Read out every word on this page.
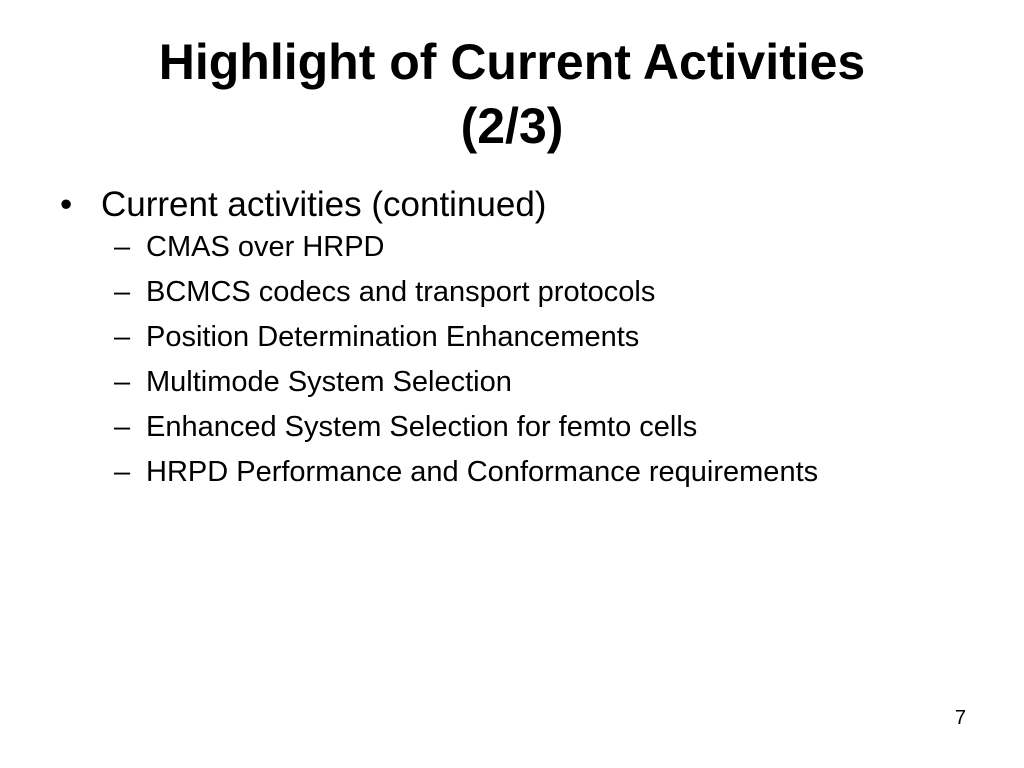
Highlight of Current Activities
(2/3)
• Current activities (continued)
– CMAS over HRPD
– BCMCS codecs and transport protocols
– Position Determination Enhancements
– Multimode System Selection
– Enhanced System Selection for femto cells
– HRPD Performance and Conformance requirements
7
